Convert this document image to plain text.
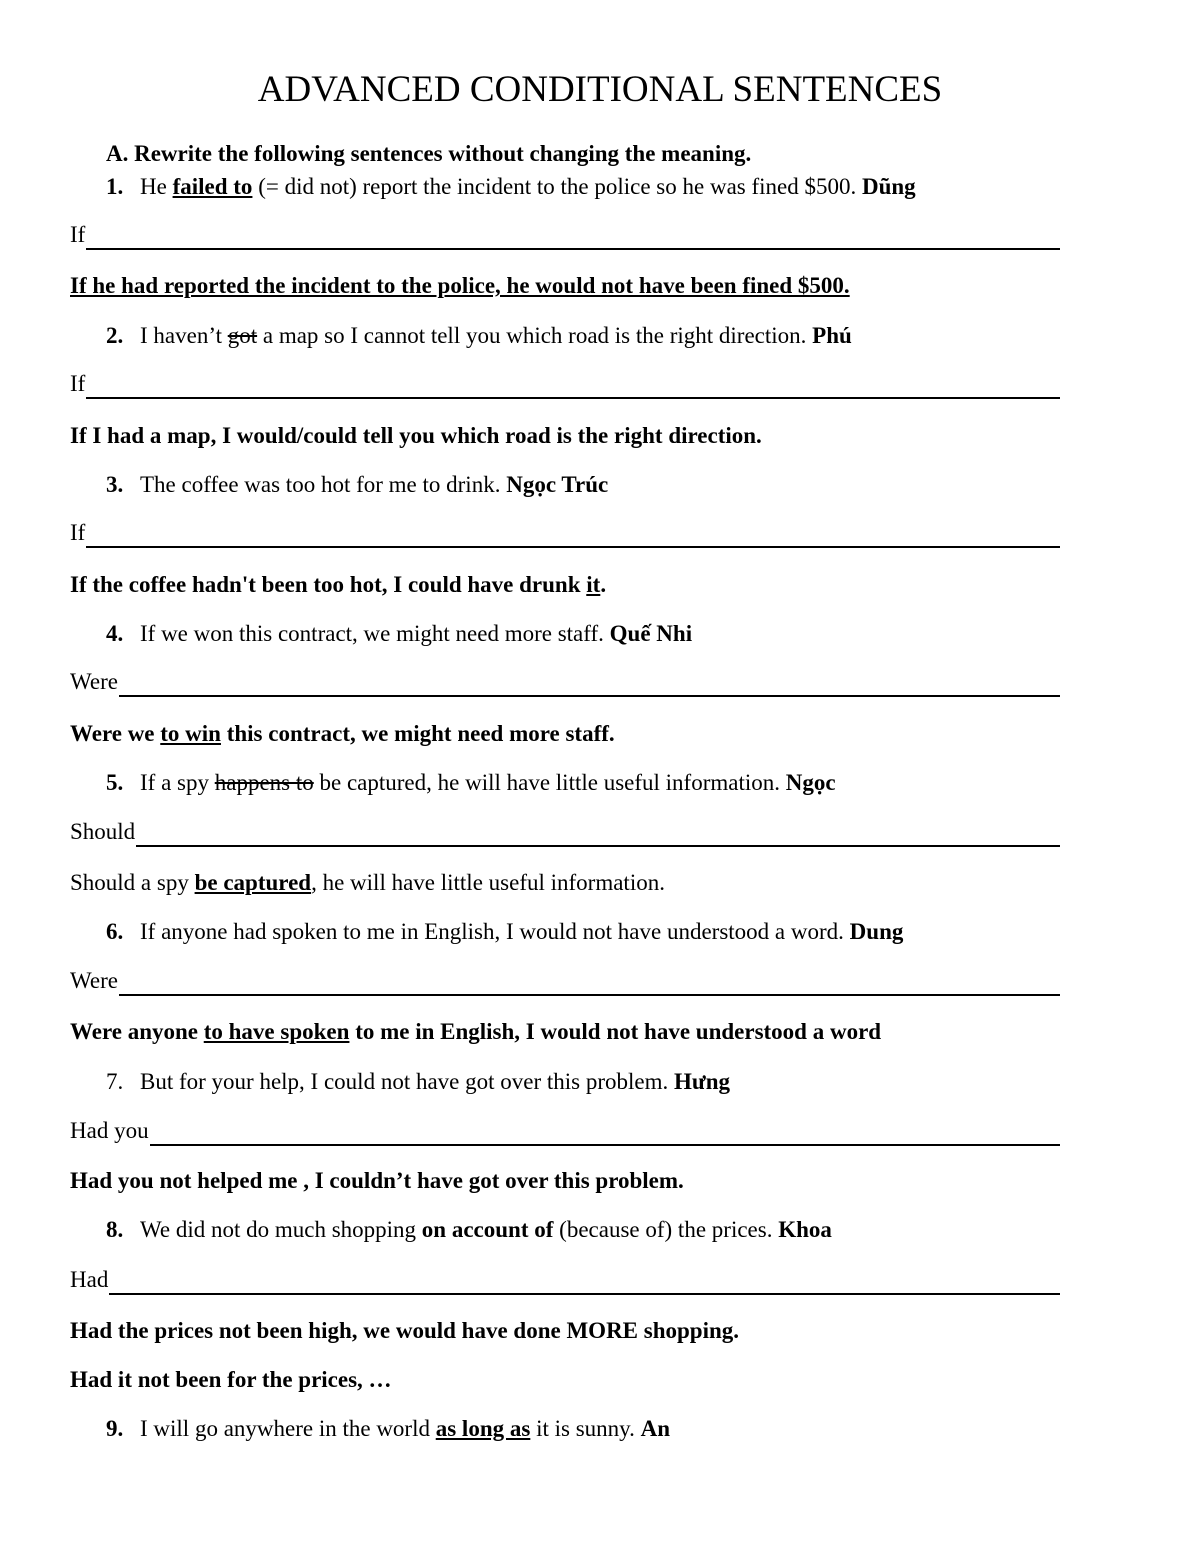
ADVANCED CONDITIONAL SENTENCES
A. Rewrite the following sentences without changing the meaning.
1. He failed to (= did not) report the incident to the police so he was fined $500. Dũng
If
If he had reported the incident to the police, he would not have been fined $500.
2. I haven’t got a map so I cannot tell you which road is the right direction. Phú
If
If I had a map, I would/could tell you which road is the right direction.
3. The coffee was too hot for me to drink. Ngọc Trúc
If
If the coffee hadn't been too hot, I could have drunk it.
4. If we won this contract, we might need more staff. Quế Nhi
Were
Were we to win this contract, we might need more staff.
5. If a spy happens to be captured, he will have little useful information. Ngọc
Should
Should a spy be captured, he will have little useful information.
6. If anyone had spoken to me in English, I would not have understood a word. Dung
Were
Were anyone to have spoken to me in English, I would not have understood a word
7. But for your help, I could not have got over this problem. Hưng
Had you
Had you not helped me , I couldn’t have got over this problem.
8. We did not do much shopping on account of (because of) the prices. Khoa
Had
Had the prices not been high, we would have done MORE shopping.
Had it not been for the prices, …
9. I will go anywhere in the world as long as it is sunny. An
